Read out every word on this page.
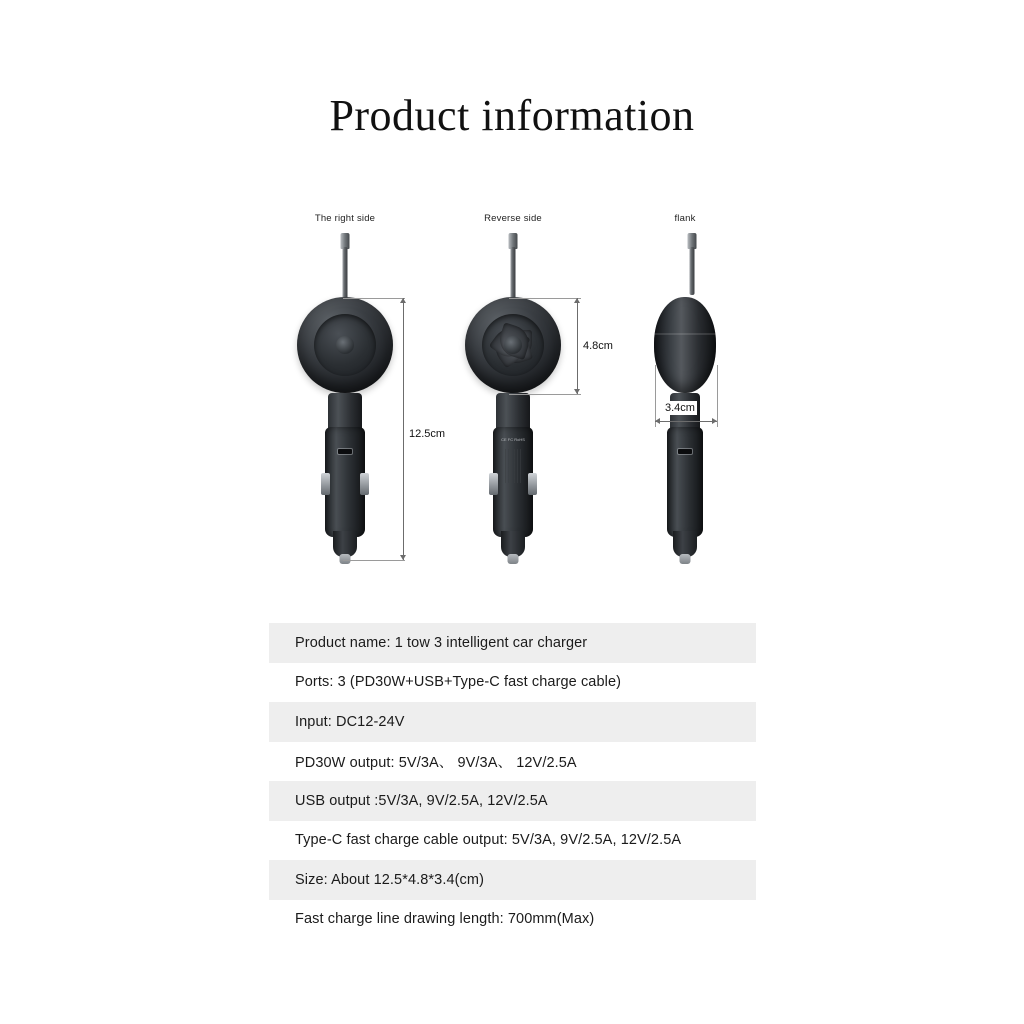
Product information
The right side	Reverse side
CE FC RoHS
flank
12.5cm
4.8cm
3.4cm
Product name: 1 tow 3 intelligent car charger
Ports: 3 (PD30W+USB+Type-C fast charge cable)
Input: DC12-24V
PD30W output: 5V/3A、 9V/3A、 12V/2.5A
USB output :5V/3A, 9V/2.5A, 12V/2.5A
Type-C fast charge cable output: 5V/3A, 9V/2.5A, 12V/2.5A
Size: About 12.5*4.8*3.4(cm)
Fast charge line drawing length: 700mm(Max)
